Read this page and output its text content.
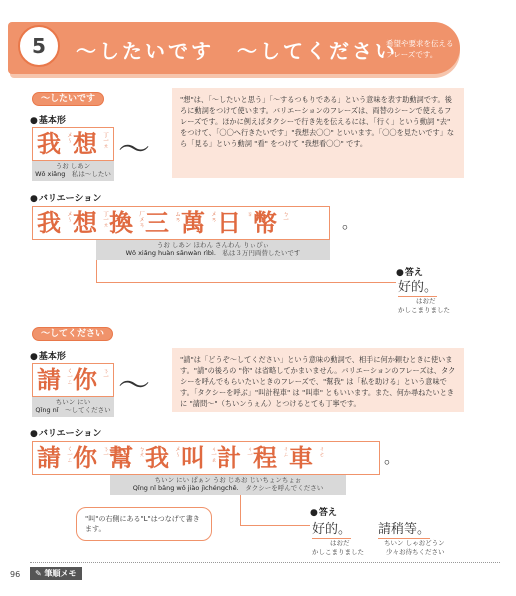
5	〜したいです　〜してください
希望や要求を伝えるフレーズです。
〜したいです
● 基本形
我 メ〜 想 丁一ㄤ 〜
うお しあン
Wǒ xiǎng　 私は〜したい
"想"は、「〜したいと思う」「〜するつもりである」という意味を表す助動詞です。後ろに動詞をつけて使います。バリエーションのフレーズは、両替のシーンで使えるフレーズです。ほかに例えばタクシーで行き先を伝えるには、「行く」という動詞 "去" をつけて、「〇〇へ行きたいです」"我想去〇〇" といいます。「〇〇を見たいです」なら「見る」という動詞 "看" をつけて "我想看〇〇" です。
● バリエーション
我 メ〜 想 丁一ㄤ 換 厂メㄢ 三 ムㄢ 萬 メㄢ 日 ㄖ 幣 ㄅ一	。
うお しあン ほわん さんわん りぃぴぃ
Wǒ xiǎng huàn sānwàn rìbì.　 私は３万円両替したいです
● 答え
好的。
はおだ
かしこまりました
〜してください
● 基本形
請 く一ㄥ 你 ㄋ一 〜
ちいン にい
Qǐng nǐ　 〜してください
"請"は「どうぞ〜してください」という意味の動詞で、相手に何か頼むときに使います。"請"の後ろの "你" は省略してかまいません。バリエーションのフレーズは、タクシーを呼んでもらいたいときのフレーズで、"幫我" は「私を助ける」という意味です。「タクシーを呼ぶ」"叫計程車" は "叫車" ともいいます。また、何か尋ねたいときに "請問〜"（ちいンうぇん）とつけるとても丁寧です。
● バリエーション
請 く一ㄥ 你 ㄋ一 幫 ㄅㄤ 我 メ〜 叫 ㄐ一ㄠ 計 ㄐ一 程 ㄔㄥ 車 ㄔㄜ	。
ちいン にい ぱぁン うお じあお じいちょンちょぉ
Qǐng nǐ bāng wǒ jiào jìchéngchē.　 タクシーを呼んでください
"叫"の右側にある"L"はつなげて書きます。
● 答え
好的。
はおだ
かしこまりました
請稍等。
ちいン しゃおどうン
少々お待ちください
96	✎ 筆順メモ
